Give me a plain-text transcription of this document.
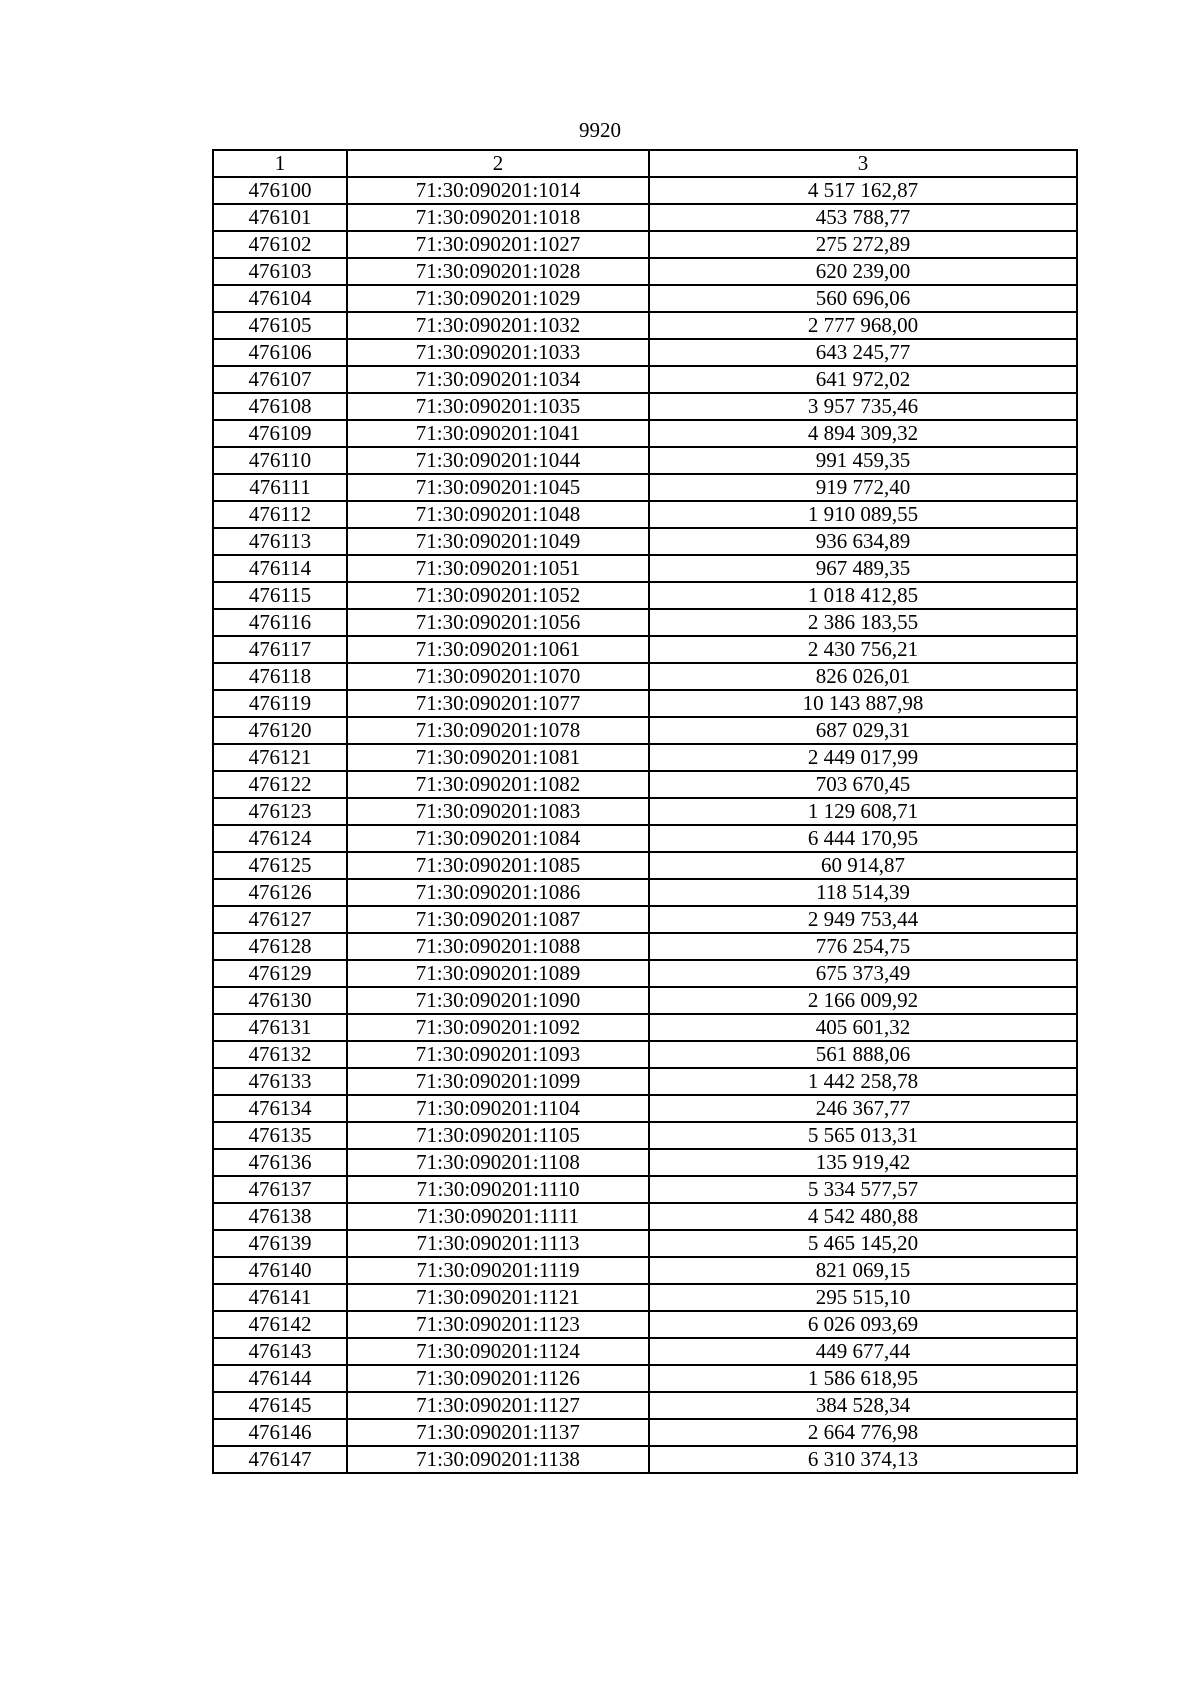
9920
1	2	3
476100	71:30:090201:1014	4 517 162,87
476101	71:30:090201:1018	453 788,77
476102	71:30:090201:1027	275 272,89
476103	71:30:090201:1028	620 239,00
476104	71:30:090201:1029	560 696,06
476105	71:30:090201:1032	2 777 968,00
476106	71:30:090201:1033	643 245,77
476107	71:30:090201:1034	641 972,02
476108	71:30:090201:1035	3 957 735,46
476109	71:30:090201:1041	4 894 309,32
476110	71:30:090201:1044	991 459,35
476111	71:30:090201:1045	919 772,40
476112	71:30:090201:1048	1 910 089,55
476113	71:30:090201:1049	936 634,89
476114	71:30:090201:1051	967 489,35
476115	71:30:090201:1052	1 018 412,85
476116	71:30:090201:1056	2 386 183,55
476117	71:30:090201:1061	2 430 756,21
476118	71:30:090201:1070	826 026,01
476119	71:30:090201:1077	10 143 887,98
476120	71:30:090201:1078	687 029,31
476121	71:30:090201:1081	2 449 017,99
476122	71:30:090201:1082	703 670,45
476123	71:30:090201:1083	1 129 608,71
476124	71:30:090201:1084	6 444 170,95
476125	71:30:090201:1085	60 914,87
476126	71:30:090201:1086	118 514,39
476127	71:30:090201:1087	2 949 753,44
476128	71:30:090201:1088	776 254,75
476129	71:30:090201:1089	675 373,49
476130	71:30:090201:1090	2 166 009,92
476131	71:30:090201:1092	405 601,32
476132	71:30:090201:1093	561 888,06
476133	71:30:090201:1099	1 442 258,78
476134	71:30:090201:1104	246 367,77
476135	71:30:090201:1105	5 565 013,31
476136	71:30:090201:1108	135 919,42
476137	71:30:090201:1110	5 334 577,57
476138	71:30:090201:1111	4 542 480,88
476139	71:30:090201:1113	5 465 145,20
476140	71:30:090201:1119	821 069,15
476141	71:30:090201:1121	295 515,10
476142	71:30:090201:1123	6 026 093,69
476143	71:30:090201:1124	449 677,44
476144	71:30:090201:1126	1 586 618,95
476145	71:30:090201:1127	384 528,34
476146	71:30:090201:1137	2 664 776,98
476147	71:30:090201:1138	6 310 374,13
